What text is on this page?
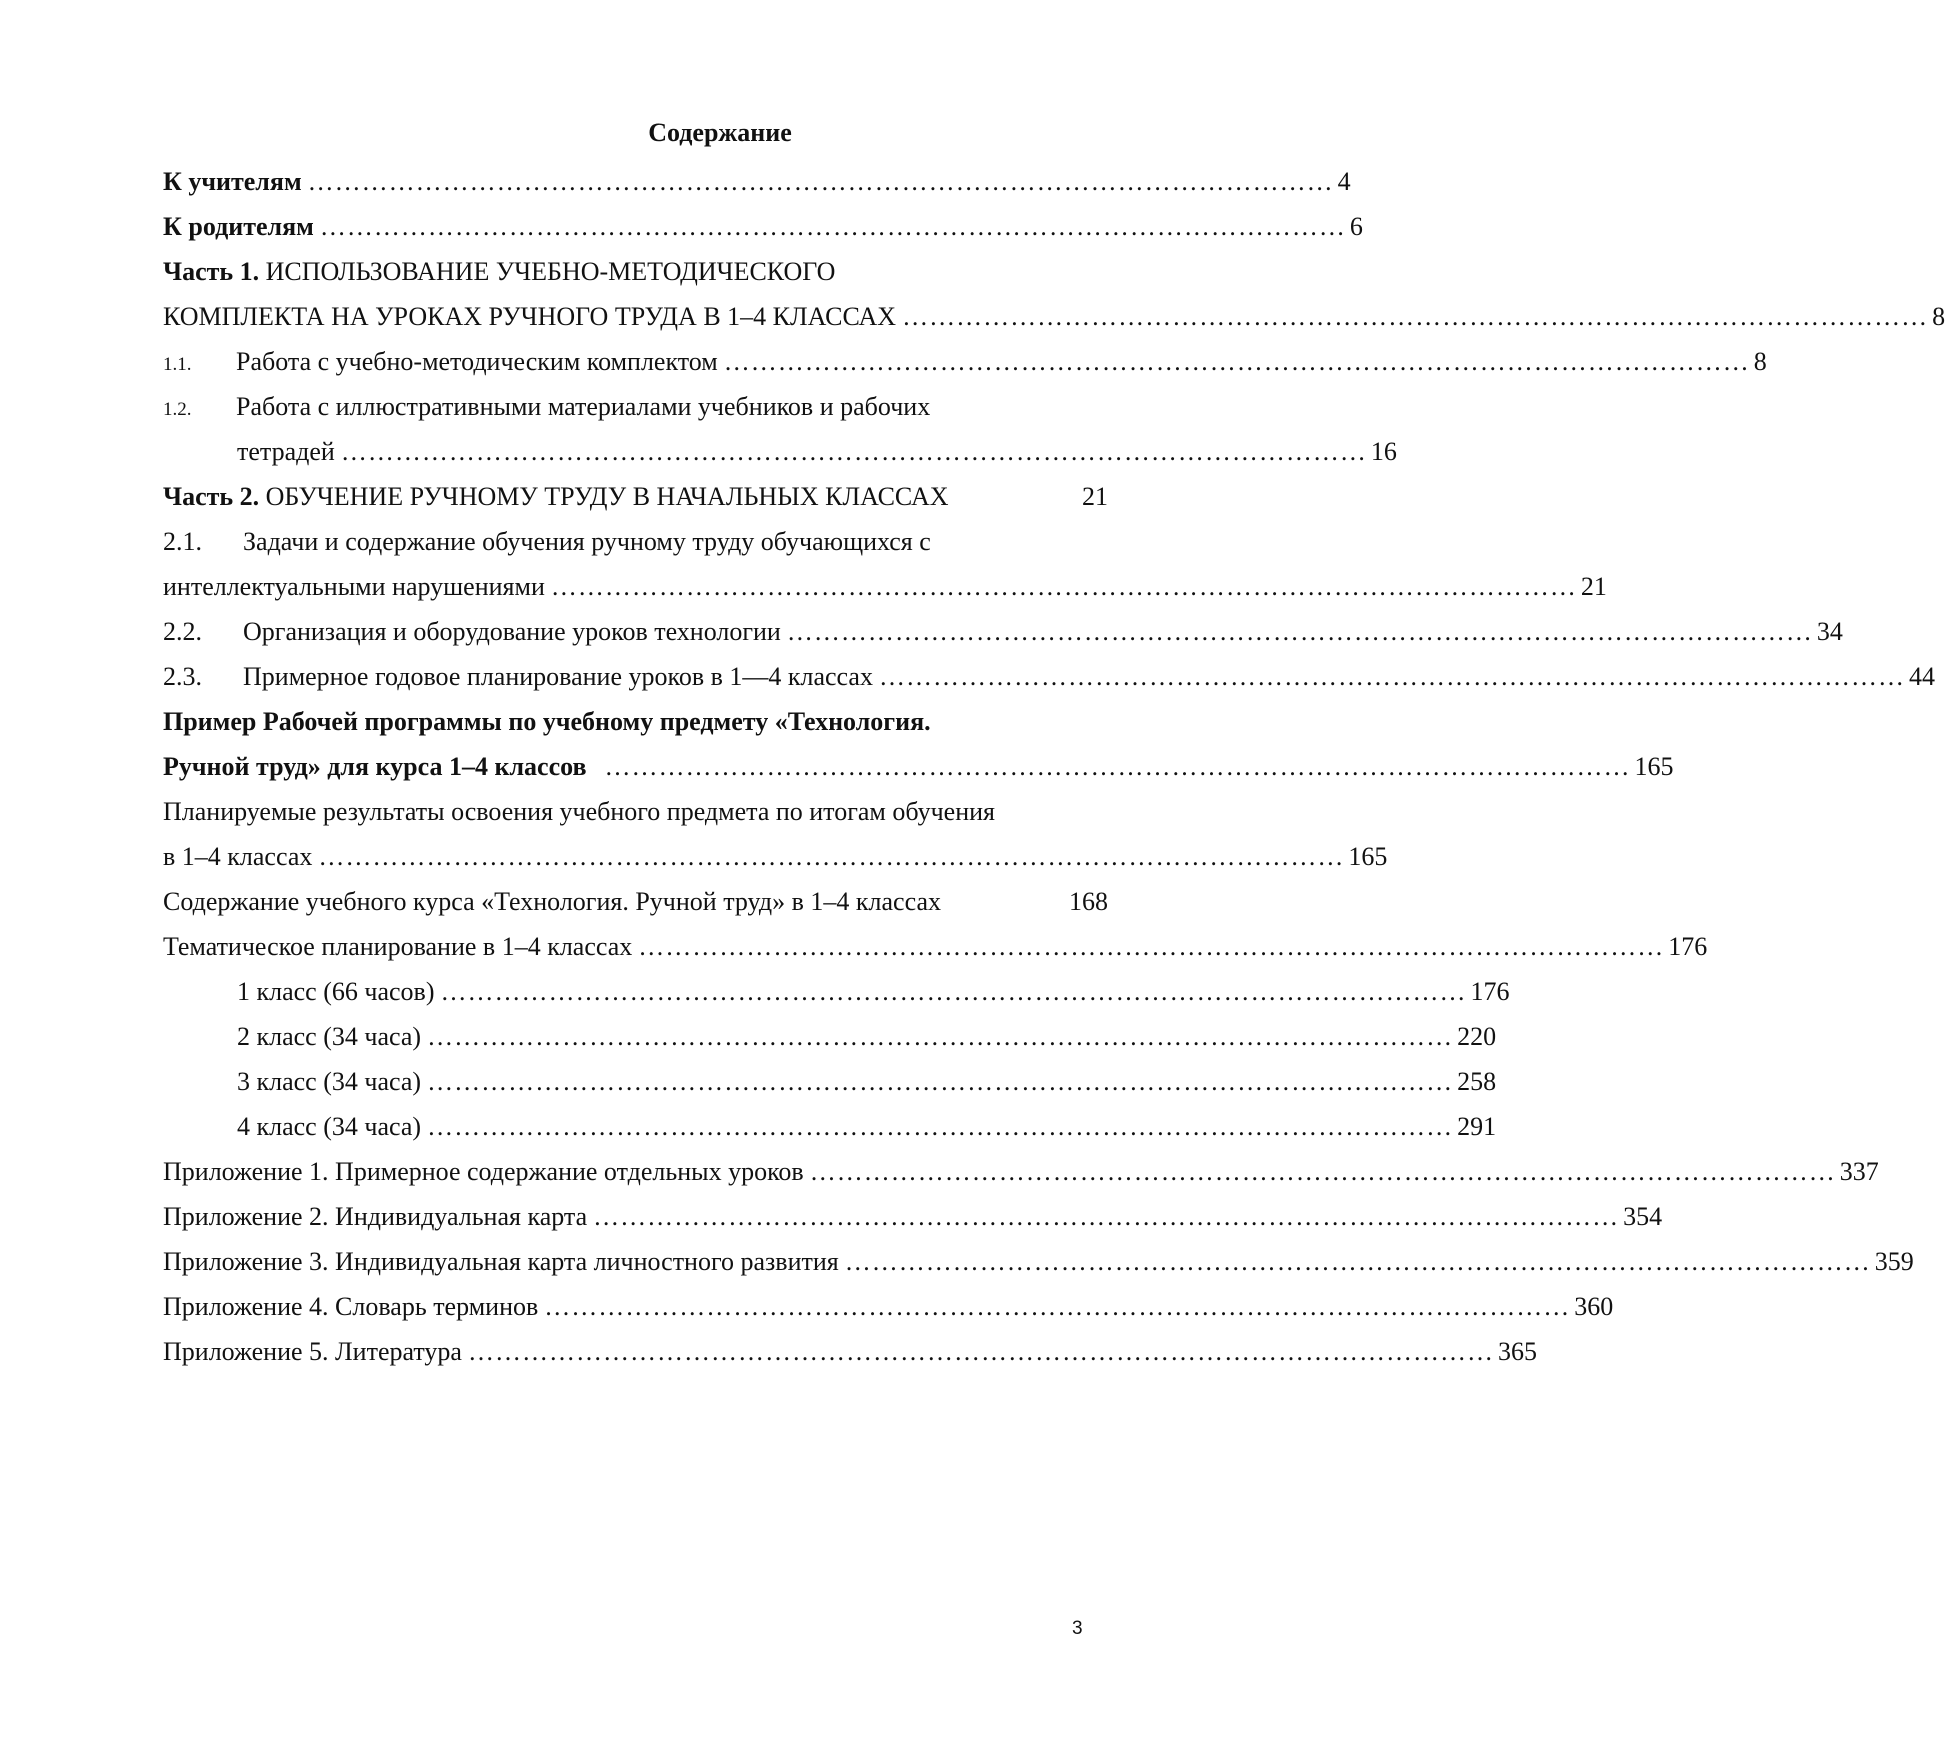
Содержание
К учителям …………………………………………………………………………………………………… 4
К родителям …………………………………………………………………………………………………… 6
Часть 1. ИСПОЛЬЗОВАНИЕ УЧЕБНО-МЕТОДИЧЕСКОГО
КОМПЛЕКТА НА УРОКАХ РУЧНОГО ТРУДА В 1–4 КЛАССАХ …………………………………………………………………………………………………… 8
1.1. Работа с учебно-методическим комплектом …………………………………………………………………………………………………… 8
1.2. Работа с иллюстративными материалами учебников и рабочих
тетрадей …………………………………………………………………………………………………… 16
Часть 2. ОБУЧЕНИЕ РУЧНОМУ ТРУДУ В НАЧАЛЬНЫХ КЛАССАХ	21
2.1. Задачи и содержание обучения ручному труду обучающихся с
интеллектуальными нарушениями …………………………………………………………………………………………………… 21
2.2. Организация и оборудование уроков технологии …………………………………………………………………………………………………… 34
2.3. Примерное годовое планирование уроков в 1—4 классах …………………………………………………………………………………………………… 44
Пример Рабочей программы по учебному предмету «Технология.
Ручной труд» для курса 1–4 классов …………………………………………………………………………………………………… 165
Планируемые результаты освоения учебного предмета по итогам обучения
в 1–4 классах …………………………………………………………………………………………………… 165
Содержание учебного курса «Технология. Ручной труд» в 1–4 классах	168
Тематическое планирование в 1–4 классах …………………………………………………………………………………………………… 176
1 класс (66 часов) …………………………………………………………………………………………………… 176
2 класс (34 часа) …………………………………………………………………………………………………… 220
3 класс (34 часа) …………………………………………………………………………………………………… 258
4 класс (34 часа) …………………………………………………………………………………………………… 291
Приложение 1. Примерное содержание отдельных уроков …………………………………………………………………………………………………… 337
Приложение 2. Индивидуальная карта …………………………………………………………………………………………………… 354
Приложение 3. Индивидуальная карта личностного развития …………………………………………………………………………………………………… 359
Приложение 4. Словарь терминов …………………………………………………………………………………………………… 360
Приложение 5. Литература …………………………………………………………………………………………………… 365
3
